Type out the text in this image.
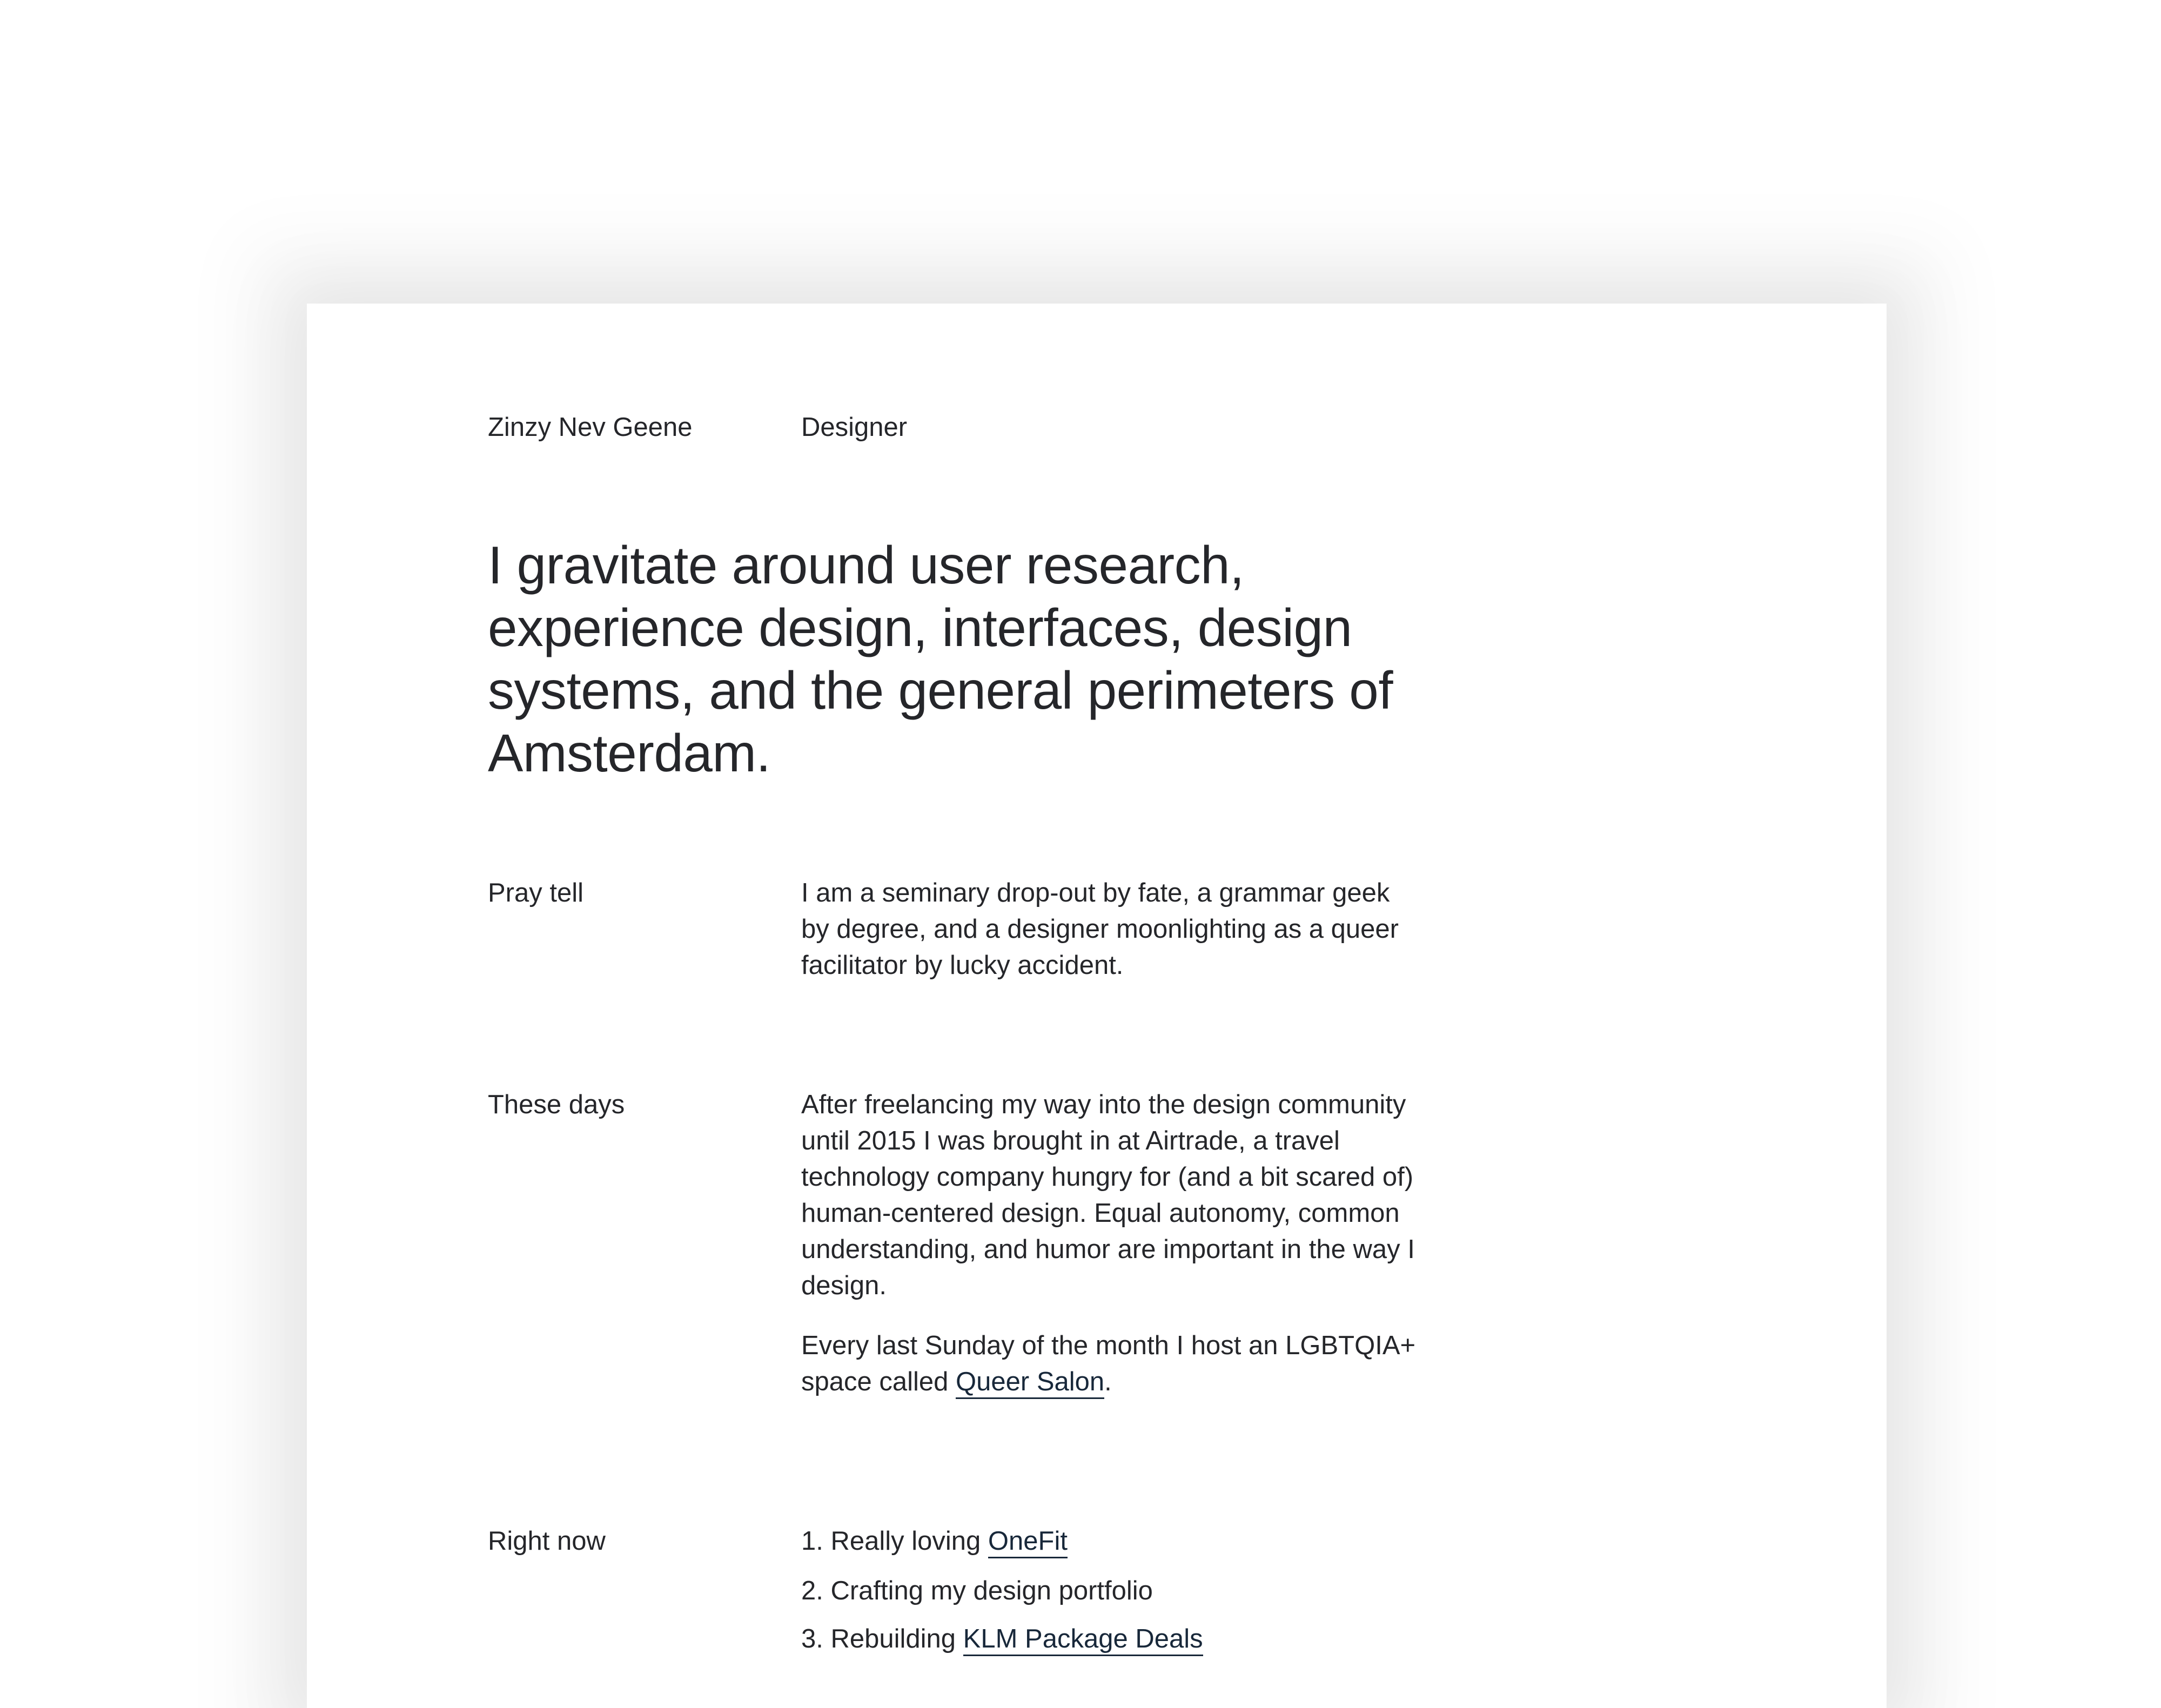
Zinzy Nev Geene	Designer
I gravitate around user research, experience design, interfaces, design systems, and the general perimeters of Amsterdam.
Pray tell	I am a seminary drop-out by fate, a grammar geek by degree, and a designer moonlighting as a queer facilitator by lucky accident.

These days	After freelancing my way into the design community until 2015 I was brought in at Airtrade, a travel technology company hungry for (and a bit scared of) human-centered design. Equal autonomy, common understanding, and humor are important in the way I design.

Every last Sunday of the month I host an LGBTQIA+ space called Queer Salon.

Right now	1. Really loving OneFit
2. Crafting my design portfolio
3. Rebuilding KLM Package Deals
